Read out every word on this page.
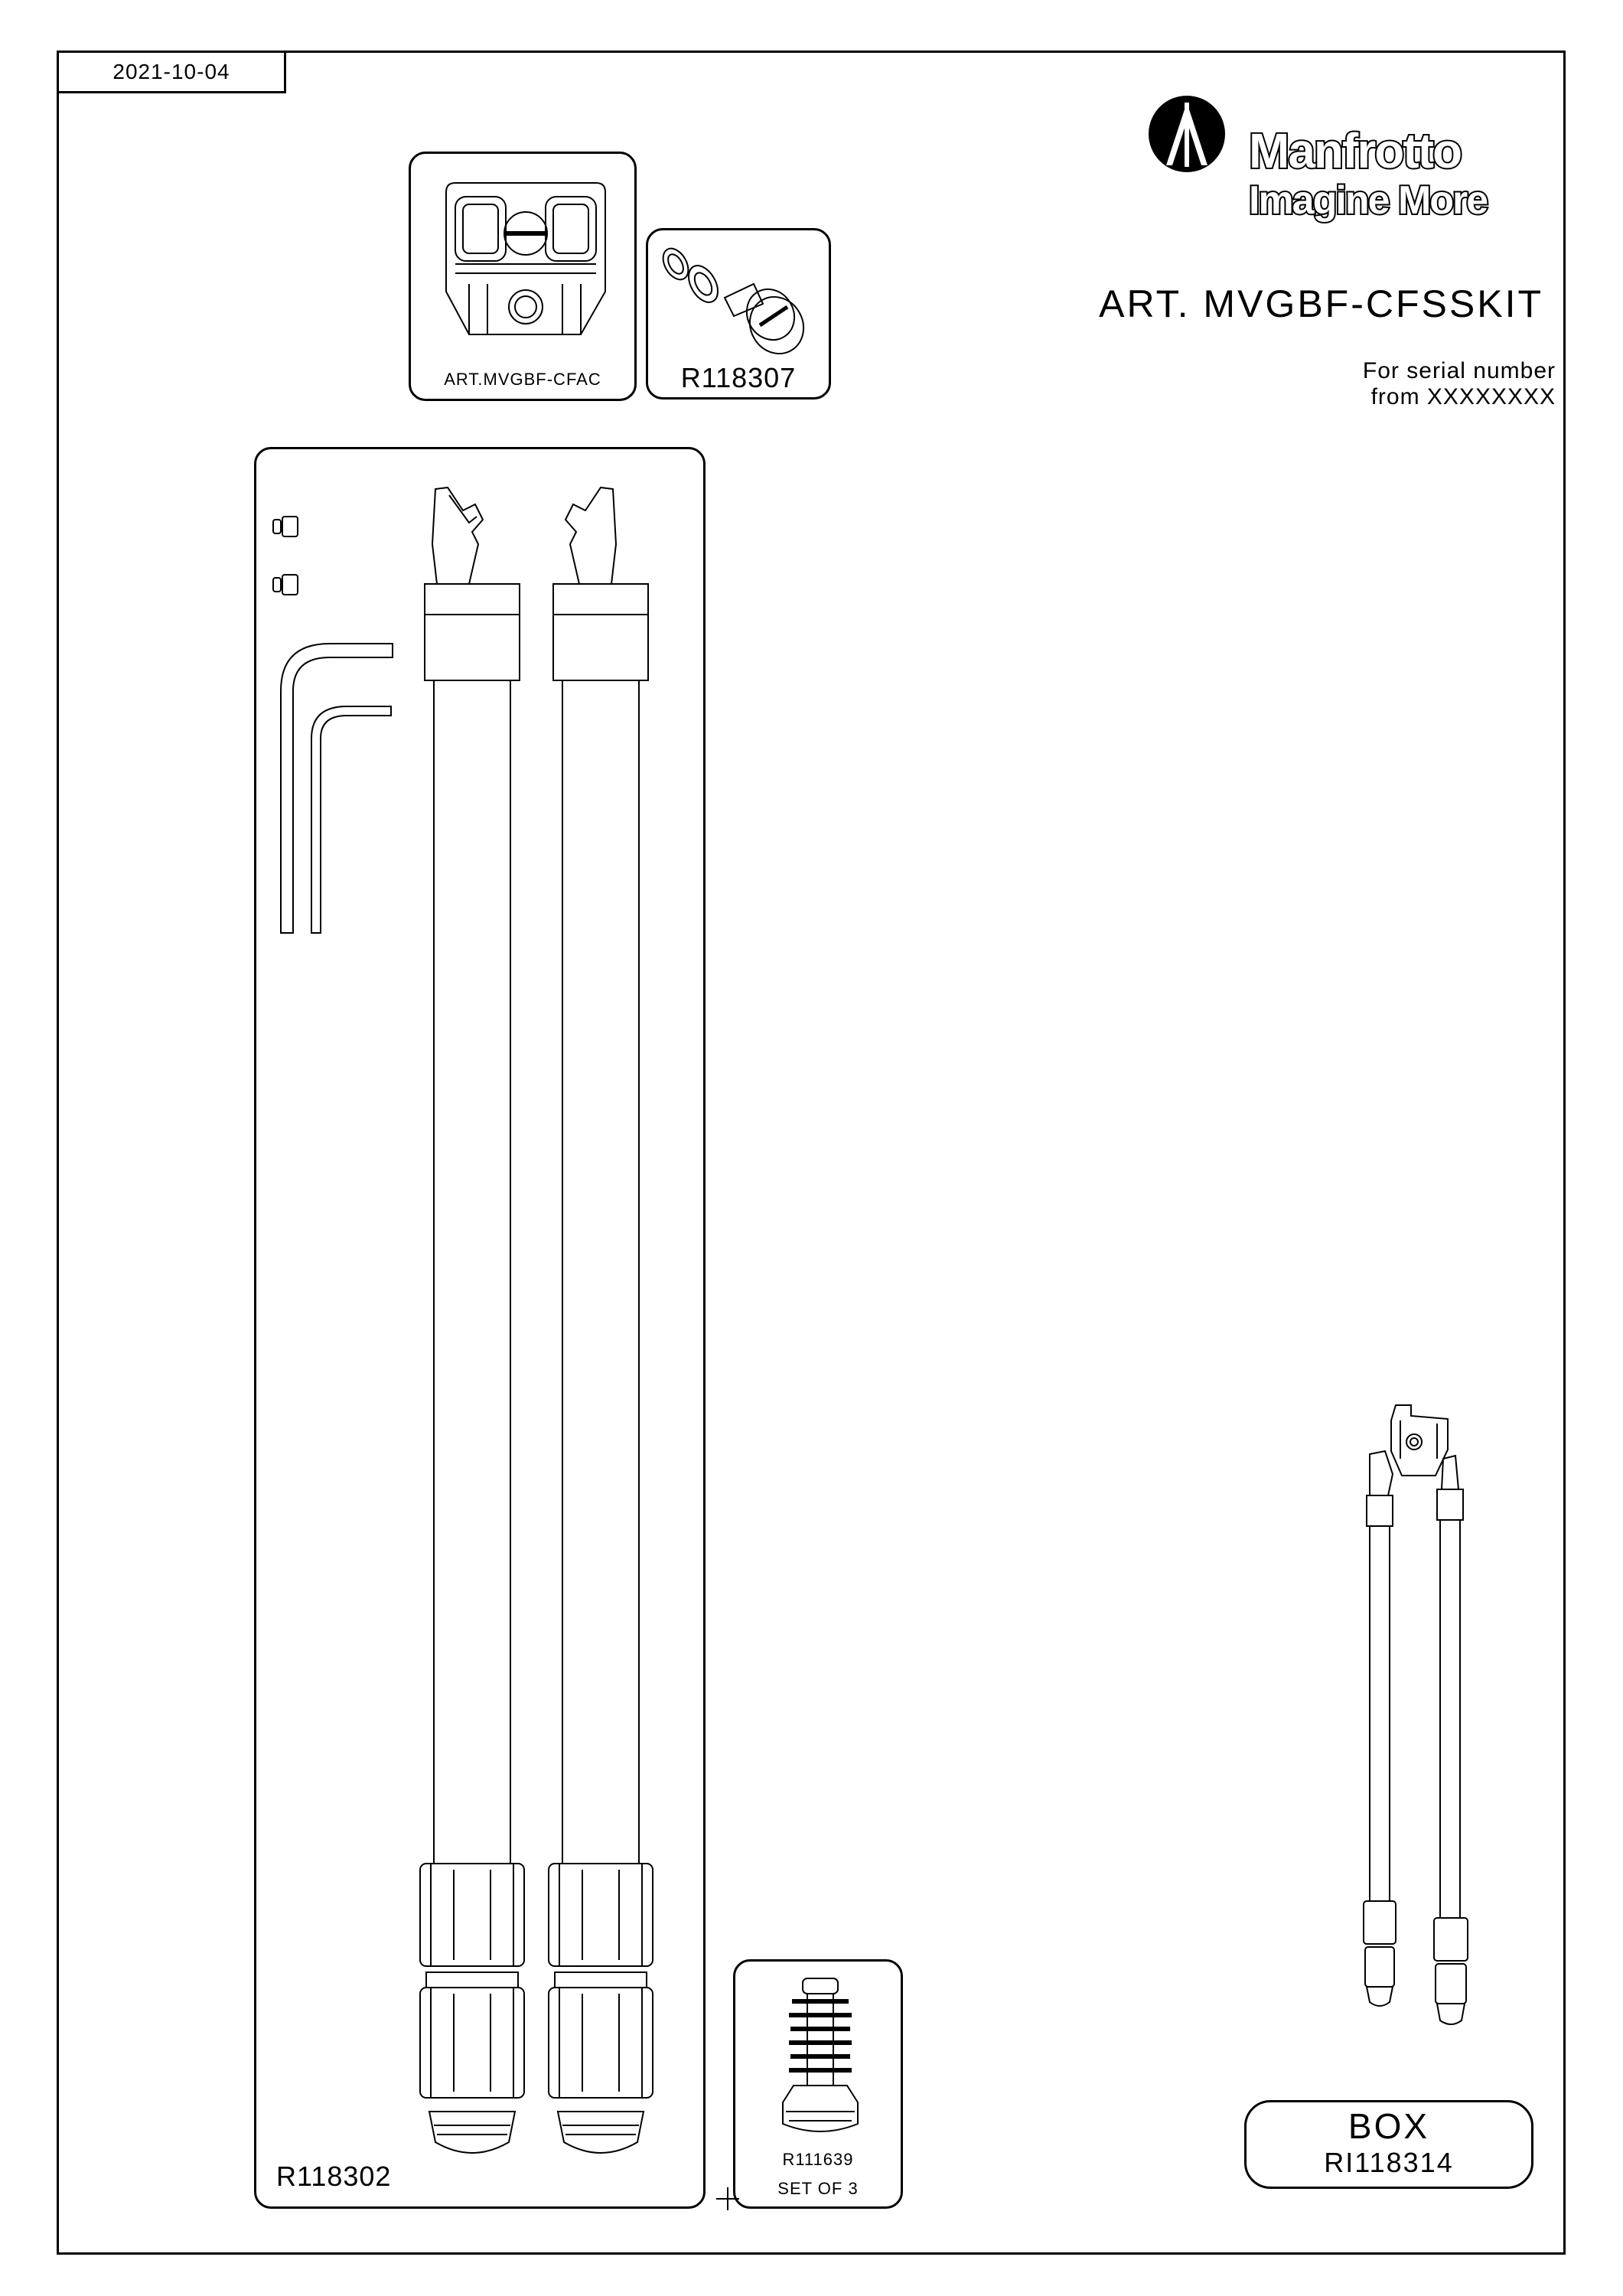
2021-10-04
Manfrotto
Imagine More
ART. MVGBF-CFSSKIT
For serial number
from XXXXXXXX
ART.MVGBF-CFAC	R118307
R118302
R111639
SET OF 3
BOX
RI118314
